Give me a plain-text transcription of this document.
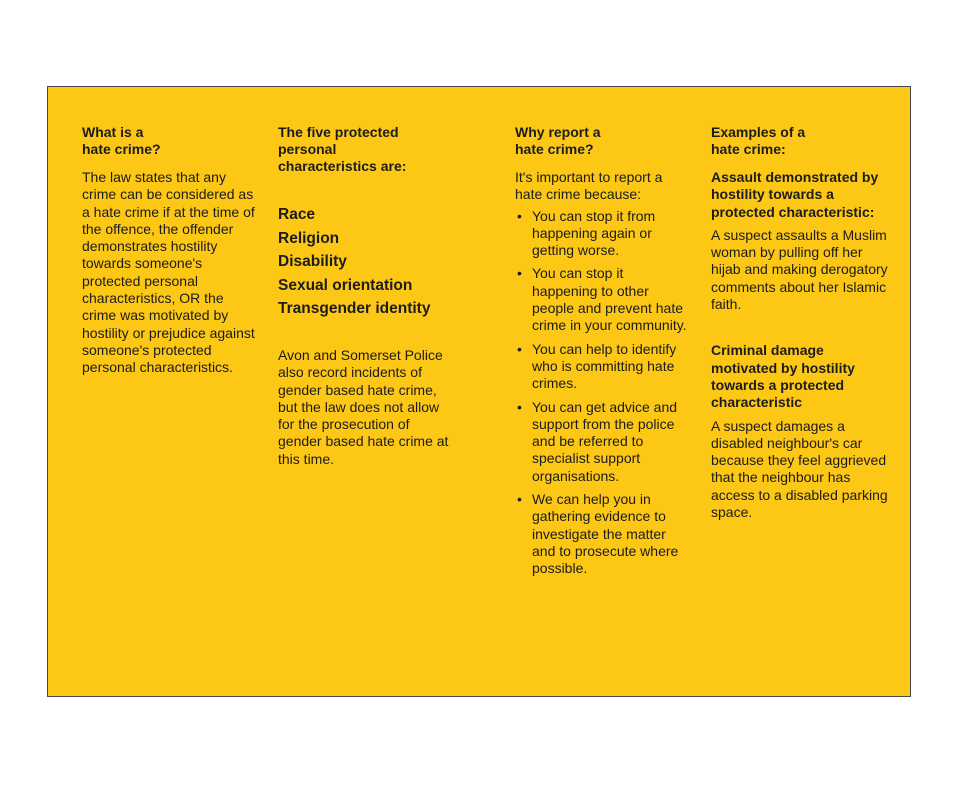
What is a
hate crime?

The law states that any crime can be considered as a hate crime if at the time of the offence, the offender demonstrates hostility towards someone's protected personal characteristics, OR the crime was motivated by hostility or prejudice against someone's protected personal characteristics.

The five protected
personal
characteristics are:
Race
Religion
Disability
Sexual orientation
Transgender identity

Avon and Somerset Police also record incidents of gender based hate crime, but the law does not allow for the prosecution of gender based hate crime at this time.

Why report a
hate crime?

It's important to report a hate crime because:

• You can stop it from happening again or getting worse.
• You can stop it happening to other people and prevent hate crime in your community.
• You can help to identify who is committing hate crimes.
• You can get advice and support from the police and be referred to specialist support organisations.
• We can help you in gathering evidence to investigate the matter and to prosecute where possible.
Examples of a
hate crime:
Assault demonstrated by hostility towards a protected characteristic:

A suspect assaults a Muslim woman by pulling off her hijab and making derogatory comments about her Islamic faith.

Criminal damage motivated by hostility towards a protected characteristic

A suspect damages a disabled neighbour's car because they feel aggrieved that the neighbour has access to a disabled parking space.
